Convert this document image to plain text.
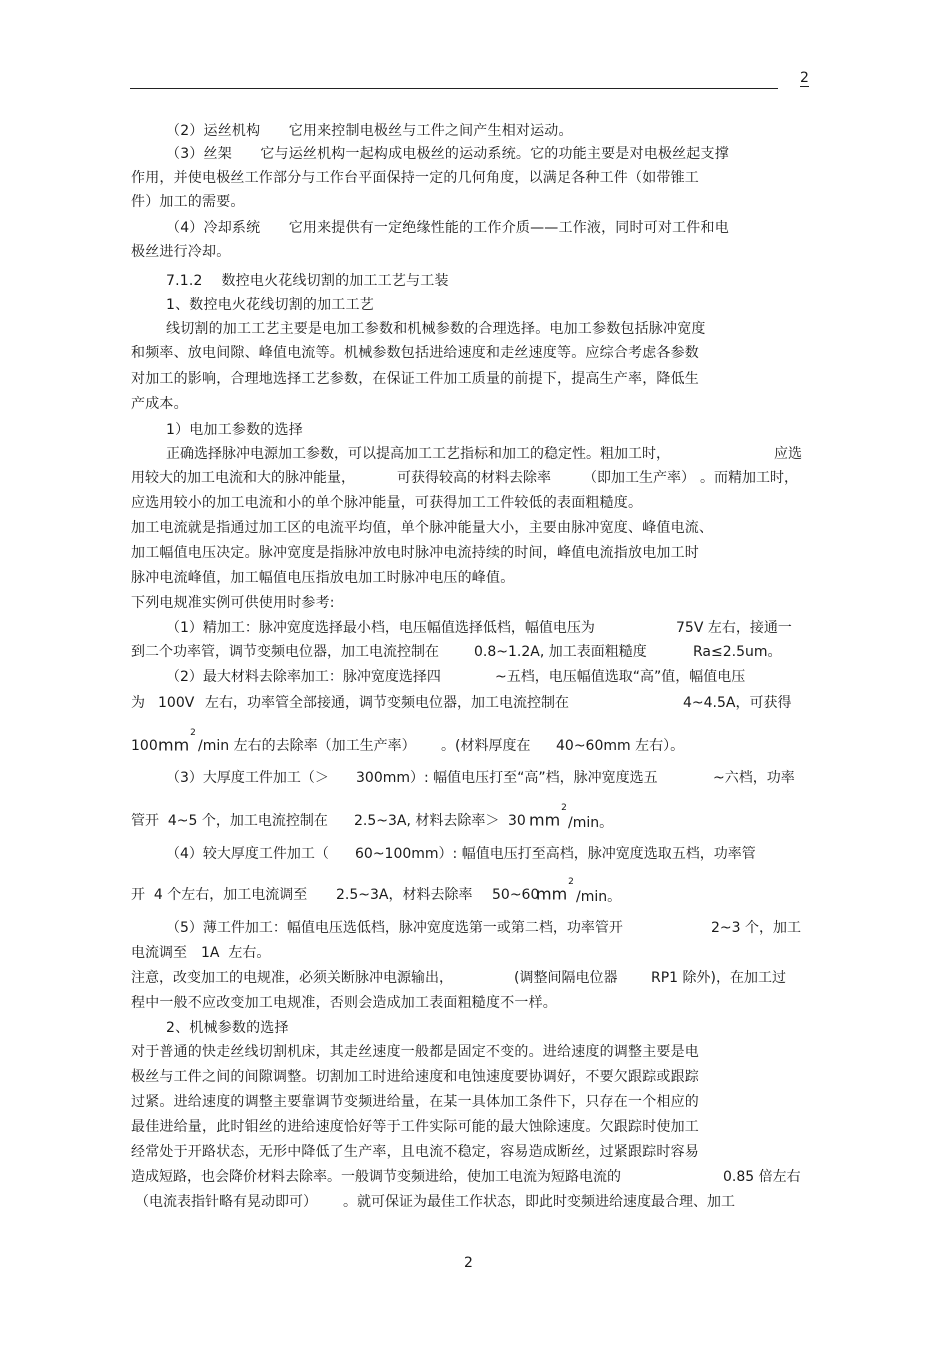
2
（2）运丝机构　　它用来控制电极丝与工件之间产生相对运动。
（3）丝架　　它与运丝机构一起构成电极丝的运动系统。它的功能主要是对电极丝起支撑
作用，并使电极丝工作部分与工作台平面保持一定的几何角度，以满足各种工件（如带锥工
件）加工的需要。
（4）冷却系统　　它用来提供有一定绝缘性能的工作介质——工作液，同时可对工件和电
极丝进行冷却。
7.1.2　 数控电火花线切割的加工工艺与工装
1、数控电火花线切割的加工工艺
线切割的加工工艺主要是电加工参数和机械参数的合理选择。电加工参数包括脉冲宽度
和频率、放电间隙、峰值电流等。机械参数包括进给速度和走丝速度等。应综合考虑各参数
对加工的影响，合理地选择工艺参数，在保证工件加工质量的前提下，提高生产率，降低生
产成本。
1）电加工参数的选择
正确选择脉冲电源加工参数，可以提高加工工艺指标和加工的稳定性。粗加工时，	应选
用较大的加工电流和大的脉冲能量，	可获得较高的材料去除率 （即加工生产率） 。而精加工时，
应选用较小的加工电流和小的单个脉冲能量，可获得加工工件较低的表面粗糙度。
加工电流就是指通过加工区的电流平均值，单个脉冲能量大小，主要由脉冲宽度、峰值电流、
加工幅值电压决定。脉冲宽度是指脉冲放电时脉冲电流持续的时间，峰值电流指放电加工时
脉冲电流峰值，加工幅值电压指放电加工时脉冲电压的峰值。
下列电规准实例可供使用时参考:
（1）精加工：脉冲宽度选择最小档，电压幅值选择低档，幅值电压为	75V 左右，接通一
到二个功率管，调节变频电位器，加工电流控制在	0.8~1.2A, 加工表面粗糙度	Ra≤2.5um。
（2）最大材料去除率加工：脉冲宽度选择四	~五档，电压幅值选取“高”值，幅值电压
为 100V 左右，功率管全部接通，调节变频电位器，加工电流控制在	4~4.5A，可获得
100 $mm^2$
/min 左右的去除率（加工生产率） 。(材料厚度在 40~60mm 左右）。
（3）大厚度工件加工（＞ 300mm）: 幅值电压打至“高”档，脉冲宽度选五	~六档，功率
管开  4~5 个，加工电流控制在 2.5~3A, 材料去除率＞ 30 $mm^2$
/min。
（4）较大厚度工件加工（ 60~100mm）: 幅值电压打至高档，脉冲宽度选取五档，功率管
开  4 个左右，加工电流调至 2.5~3A，材料去除率 50~60
$mm^2$
/min。
（5）薄工件加工：幅值电压选低档，脉冲宽度选第一或第二档，功率管开	2~3 个，加工
电流调至 1A  左右。
注意，改变加工的电规准，必须关断脉冲电源输出，	(调整间隔电位器 RP1 除外)，在加工过
程中一般不应改变加工电规准，否则会造成加工表面粗糙度不一样。
2、机械参数的选择
对于普通的快走丝线切割机床，其走丝速度一般都是固定不变的。进给速度的调整主要是电
极丝与工件之间的间隙调整。切割加工时进给速度和电蚀速度要协调好，不要欠跟踪或跟踪
过紧。进给速度的调整主要靠调节变频进给量，在某一具体加工条件下，只存在一个相应的
最佳进给量，此时钼丝的进给速度恰好等于工件实际可能的最大蚀除速度。欠跟踪时使加工
经常处于开路状态，无形中降低了生产率，且电流不稳定，容易造成断丝，过紧跟踪时容易
造成短路，也会降价材料去除率。一般调节变频进给，使加工电流为短路电流的	0.85 倍左右
（电流表指针略有晃动即可） 。就可保证为最佳工作状态，即此时变频进给速度最合理、加工
2
